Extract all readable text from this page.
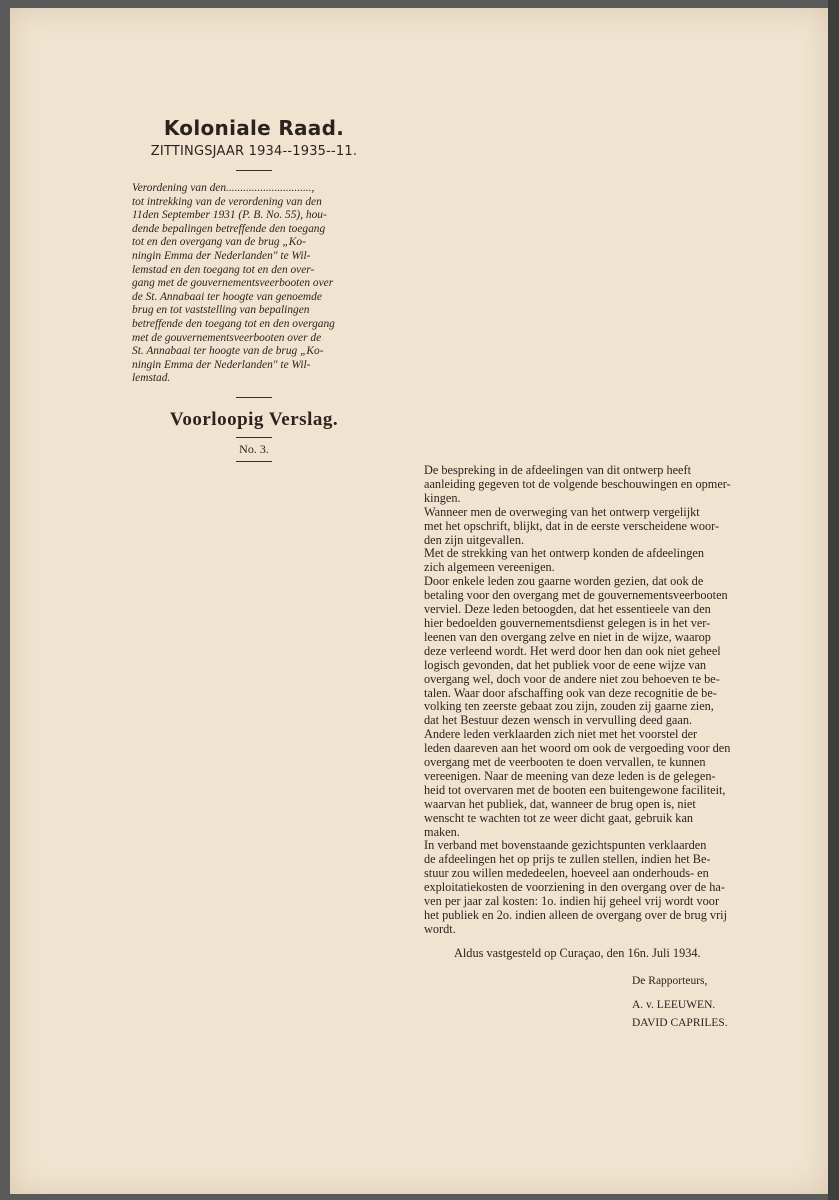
Koloniale Raad.
ZITTINGSJAAR 1934--1935--11.
Verordening van den..............................,
tot intrekking van de verordening van den
11den September 1931 (P. B. No. 55), hou-
dende bepalingen betreffende den toegang
tot en den overgang van de brug „Ko-
ningin Emma der Nederlanden" te Wil-
lemstad en den toegang tot en den over-
gang met de gouvernementsveerbooten over
de St. Annabaai ter hoogte van genoemde
brug en tot vaststelling van bepalingen
betreffende den toegang tot en den overgang
met de gouvernementsveerbooten over de
St. Annabaai ter hoogte van de brug „Ko-
ningin Emma der Nederlanden" te Wil-
lemstad.
Voorloopig Verslag.
No. 3.
De bespreking in de afdeelingen van dit ontwerp heeft
aanleiding gegeven tot de volgende beschouwingen en opmer-
kingen.
Wanneer men de overweging van het ontwerp vergelijkt
met het opschrift, blijkt, dat in de eerste verscheidene woor-
den zijn uitgevallen.
Met de strekking van het ontwerp konden de afdeelingen
zich algemeen vereenigen.
Door enkele leden zou gaarne worden gezien, dat ook de
betaling voor den overgang met de gouvernementsveerbooten
verviel. Deze leden betoogden, dat het essentieele van den
hier bedoelden gouvernementsdienst gelegen is in het ver-
leenen van den overgang zelve en niet in de wijze, waarop
deze verleend wordt. Het werd door hen dan ook niet geheel
logisch gevonden, dat het publiek voor de eene wijze van
overgang wel, doch voor de andere niet zou behoeven te be-
talen. Waar door afschaffing ook van deze recognitie de be-
volking ten zeerste gebaat zou zijn, zouden zij gaarne zien,
dat het Bestuur dezen wensch in vervulling deed gaan.
Andere leden verklaarden zich niet met het voorstel der
leden daareven aan het woord om ook de vergoeding voor den
overgang met de veerbooten te doen vervallen, te kunnen
vereenigen. Naar de meening van deze leden is de gelegen-
heid tot overvaren met de booten een buitengewone faciliteit,
waarvan het publiek, dat, wanneer de brug open is, niet
wenscht te wachten tot ze weer dicht gaat, gebruik kan
maken.
In verband met bovenstaande gezichtspunten verklaarden
de afdeelingen het op prijs te zullen stellen, indien het Be-
stuur zou willen mededeelen, hoeveel aan onderhouds- en
exploitatiekosten de voorziening in den overgang over de ha-
ven per jaar zal kosten: 1o. indien hij geheel vrij wordt voor
het publiek en 2o. indien alleen de overgang over de brug vrij
wordt.
Aldus vastgesteld op Curaçao, den 16n. Juli 1934.
De Rapporteurs,
A. v. LEEUWEN.
DAVID CAPRILES.
